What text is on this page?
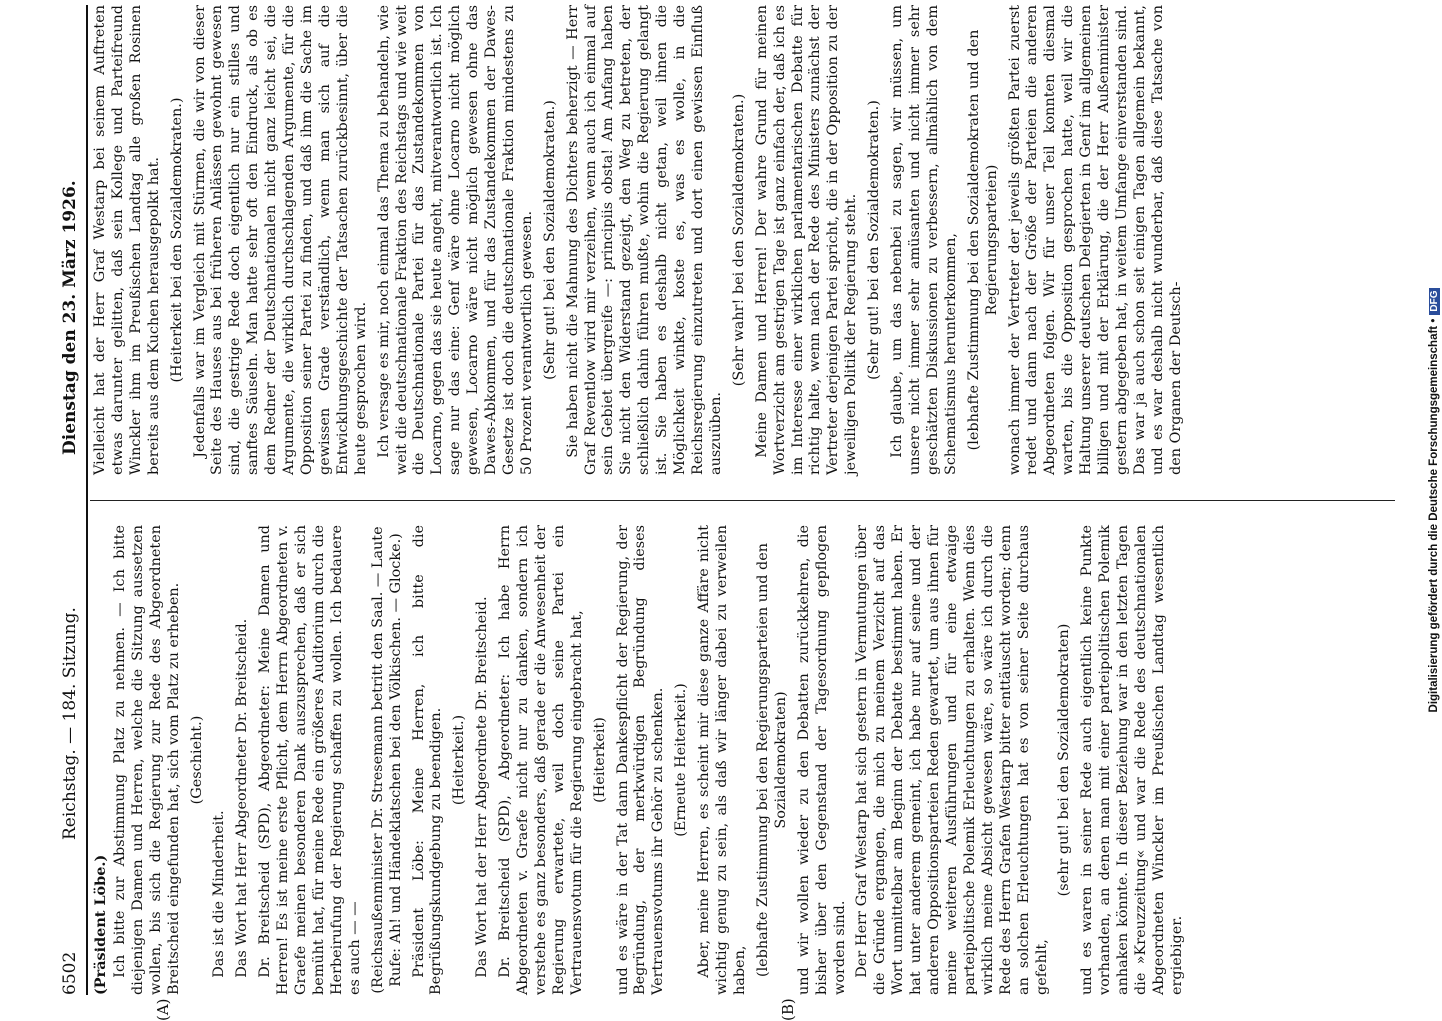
6502
Reichstag. — 184. Sitzung.
Dienstag den 23. März 1926.
(A)	(B)

(Präsident Löbe.) Ich bitte zur Abstimmung Platz zu nehmen. — Ich bitte diejenigen Damen und Herren, welche die Sitzung aussetzen wollen, bis sich die Regierung zur Rede des Abgeordneten Breitscheid eingefunden hat, sich vom Platz zu erheben. (Geschieht.)

Das ist die Minderheit. Das Wort hat Herr Abgeordneter Dr. Breitscheid. Dr. Breitscheid (SPD), Abgeordneter: Meine Damen und Herren! Es ist meine erste Pflicht, dem Herrn Abgeordneten v. Graefe meinen besonderen Dank auszusprechen, daß er sich bemüht hat, für meine Rede ein größeres Auditorium durch die Herbeirufung der Regierung schaffen zu wollen. Ich bedauere es auch — — (Reichsaußenminister Dr. Stresemann betritt den Saal. — Laute Rufe: Ah! und Händeklatschen bei den Völkischen. — Glocke.) Präsident Löbe: Meine Herren, ich bitte die Begrüßungskundgebung zu beendigen. (Heiterkeit.) Das Wort hat der Herr Abgeordnete Dr. Breitscheid. Dr. Breitscheid (SPD), Abgeordneter: Ich habe Herrn Abgeordneten v. Graefe nicht nur zu danken, sondern ich verstehe es ganz besonders, daß gerade er die Anwesenheit der Regierung erwartete, weil doch seine Partei ein Vertrauensvotum für die Regierung eingebracht hat, (Heiterkeit) und es wäre in der Tat dann Dankespflicht der Regierung, der Begründung, der merkwürdigen Begründung dieses Vertrauensvotums ihr Gehör zu schenken. (Erneute Heiterkeit.) Aber, meine Herren, es scheint mir diese ganze Affäre nicht wichtig genug zu sein, als daß wir länger dabei zu verweilen haben, (lebhafte Zustimmung bei den Regierungsparteien und den Sozialdemokraten) und wir wollen wieder zu den Debatten zurückkehren, die bisher über den Gegenstand der Tagesordnung gepflogen worden sind. Der Herr Graf Westarp hat sich gestern in Vermutungen über die Gründe ergangen, die mich zu meinem Verzicht auf das Wort unmittelbar am Beginn der Debatte bestimmt haben. Er hat unter anderem gemeint, ich habe nur auf seine und der anderen Oppositionsparteien Reden gewartet, um aus ihnen für meine weiteren Ausführungen und für eine etwaige parteipolitische Polemik Erleuchtungen zu erhalten. Wenn dies wirklich meine Absicht gewesen wäre, so wäre ich durch die Rede des Herrn Grafen Westarp bitter enttäuscht worden; denn an solchen Erleuchtungen hat es von seiner Seite durchaus gefehlt,

(sehr gut! bei den Sozialdemokraten) und es waren in seiner Rede auch eigentlich keine Punkte vorhanden, an denen man mit einer parteipolitischen Polemik anhaken könnte. In dieser Beziehung war in den letzten Tagen die »Kreuzzeitung« und war die Rede des deutschnationalen Abgeordneten Winckler im Preußischen Landtag wesentlich ergiebiger.

Vielleicht hat der Herr Graf Westarp bei seinem Auftreten etwas darunter gelitten, daß sein Kollege und Parteifreund Winckler ihm im Preußischen Landtag alle großen Rosinen bereits aus dem Kuchen herausgepolkt hat. (Heiterkeit bei den Sozialdemokraten.) Jedenfalls war im Vergleich mit Stürmen, die wir von dieser Seite des Hauses aus bei früheren Anlässen gewohnt gewesen sind, die gestrige Rede doch eigentlich nur ein stilles und sanftes Säuseln. Man hatte sehr oft den Eindruck, als ob es dem Redner der Deutschnationalen nicht ganz leicht sei, die Argumente, die wirklich durchschlagenden Argumente, für die Opposition seiner Partei zu finden, und daß ihm die Sache im gewissen Grade verständlich, wenn man sich auf die Entwicklungsgeschichte der Tatsachen zurückbesinnt, über die heute gesprochen wird. Ich versage es mir, noch einmal das Thema zu behandeln, wie weit die deutschnationale Fraktion des Reichstags und wie weit die Deutschnationale Partei für das Zustandekommen von Locarno, gegen das sie heute angeht, mitverantwortlich ist. Ich sage nur das eine: Genf wäre ohne Locarno nicht möglich gewesen, Locarno wäre nicht möglich gewesen ohne das Dawes-Abkommen, und für das Zustandekommen der Dawes-Gesetze ist doch die deutschnationale Fraktion mindestens zu 50 Prozent verantwortlich gewesen. (Sehr gut! bei den Sozialdemokraten.) Sie haben nicht die Mahnung des Dichters beherzigt — Herr Graf Reventlow wird mir verzeihen, wenn auch ich einmal auf sein Gebiet übergreife —: principiis obsta! Am Anfang haben Sie nicht den Widerstand gezeigt, den Weg zu betreten, der schließlich dahin führen mußte, wohin die Regierung gelangt ist. Sie haben es deshalb nicht getan, weil ihnen die Möglichkeit winkte, koste es, was es wolle, in die Reichsregierung einzutreten und dort einen gewissen Einfluß auszuüben.

(Sehr wahr! bei den Sozialdemokraten.) Meine Damen und Herren! Der wahre Grund für meinen Wortverzicht am gestrigen Tage ist ganz einfach der, daß ich es im Interesse einer wirklichen parlamentarischen Debatte für richtig halte, wenn nach der Rede des Ministers zunächst der Vertreter derjenigen Partei spricht, die in der Opposition zu der jeweiligen Politik der Regierung steht. (Sehr gut! bei den Sozialdemokraten.) Ich glaube, um das nebenbei zu sagen, wir müssen, um unsere nicht immer sehr amüsanten und nicht immer sehr geschätzten Diskussionen zu verbessern, allmählich von dem Schematismus herunterkommen, (lebhafte Zustimmung bei den Sozialdemokraten und den Regierungsparteien) wonach immer der Vertreter der jeweils größten Partei zuerst redet und dann nach der Größe der Parteien die anderen Abgeordneten folgen. Wir für unser Teil konnten diesmal warten, bis die Opposition gesprochen hatte, weil wir die Haltung unserer deutschen Delegierten in Genf im allgemeinen billigen und mit der Erklärung, die der Herr Außenminister gestern abgegeben hat, in weitem Umfange einverstanden sind. Das war ja auch schon seit einigen Tagen allgemein bekannt, und es war deshalb nicht wunderbar, daß diese Tatsache von den Organen der Deutsch-	Digitalisierung gefördert durch die Deutsche Forschungsgemeinschaft •
DFG
